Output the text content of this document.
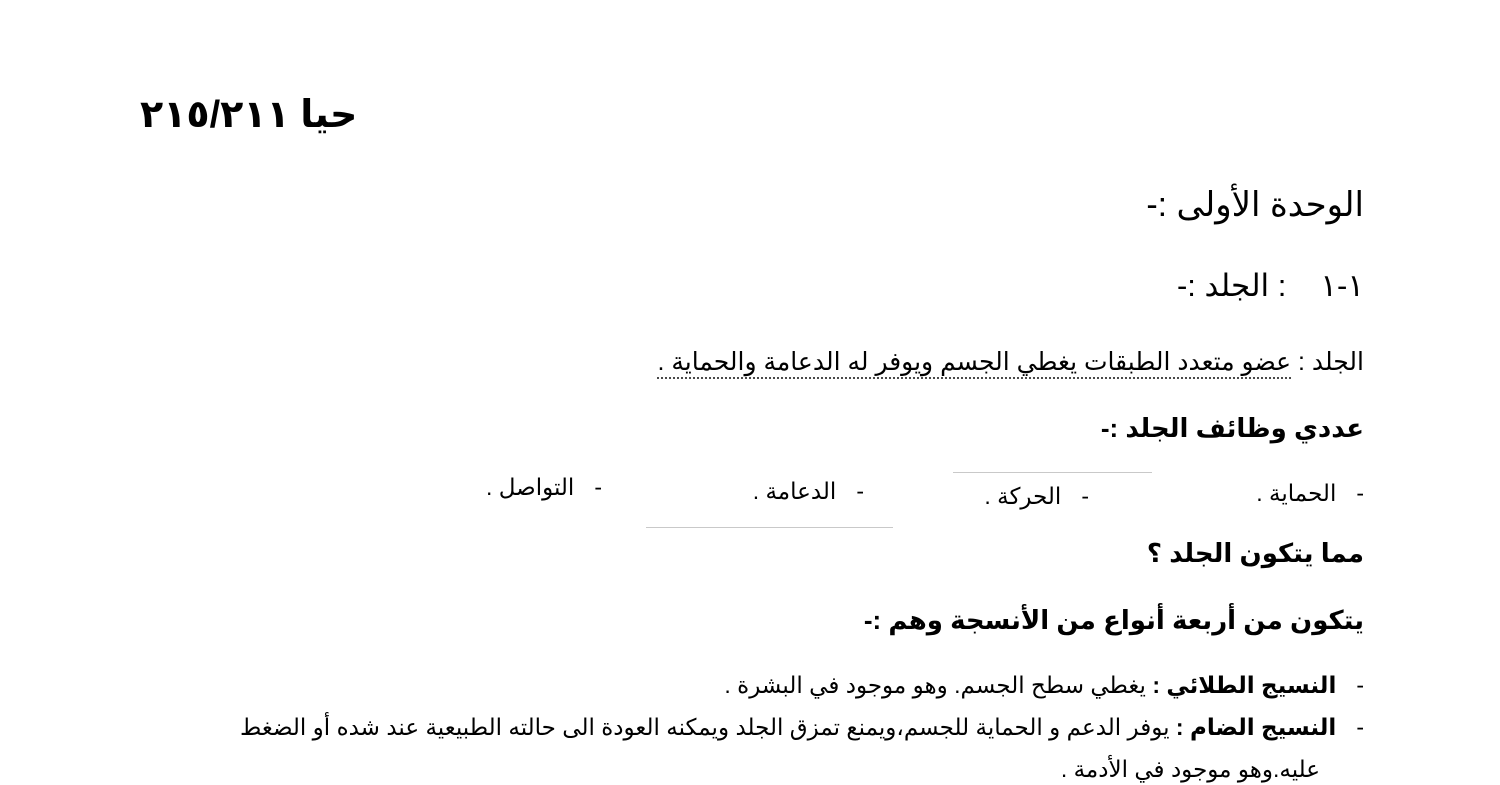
حيا ٢١٥/٢١١
الوحدة الأولى :-
١-١: الجلد :-
الجلد : عضو متعدد الطبقات يغطي الجسم ويوفر له الدعامة والحماية .
عددي وظائف الجلد :-
-الحماية .
-الحركة .
-الدعامة .
-التواصل .
مما يتكون الجلد ؟
يتكون من أربعة أنواع من الأنسجة وهم :-
-النسيج الطلائي : يغطي سطح الجسم. وهو موجود في البشرة .
-النسيج الضام : يوفر الدعم و الحماية للجسم،ويمنع تمزق الجلد ويمكنه العودة الى حالته الطبيعية عند شده أو الضغط
عليه.وهو موجود في الأدمة .
